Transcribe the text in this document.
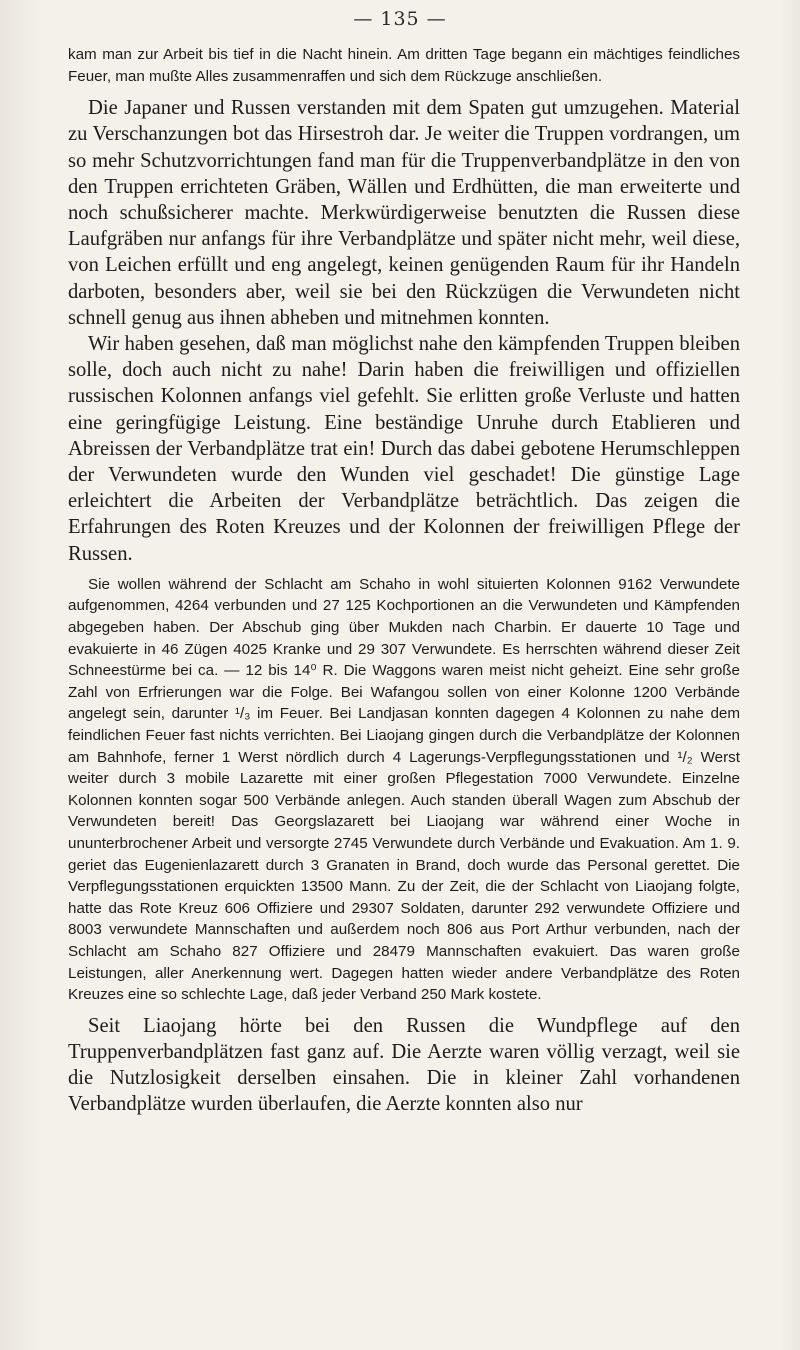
— 135 —

kam man zur Arbeit bis tief in die Nacht hinein. Am dritten Tage begann ein mächtiges feindliches Feuer, man mußte Alles zusammenraffen und sich dem Rückzuge anschließen.

Die Japaner und Russen verstanden mit dem Spaten gut umzugehen. Material zu Verschanzungen bot das Hirsestroh dar. Je weiter die Truppen vordrangen, um so mehr Schutzvorrichtungen fand man für die Truppenverbandplätze in den von den Truppen errichteten Gräben, Wällen und Erdhütten, die man erweiterte und noch schußsicherer machte. Merkwürdigerweise benutzten die Russen diese Laufgräben nur anfangs für ihre Verbandplätze und später nicht mehr, weil diese, von Leichen erfüllt und eng angelegt, keinen genügenden Raum für ihr Handeln darboten, besonders aber, weil sie bei den Rückzügen die Verwundeten nicht schnell genug aus ihnen abheben und mitnehmen konnten.

Wir haben gesehen, daß man möglichst nahe den kämpfenden Truppen bleiben solle, doch auch nicht zu nahe! Darin haben die freiwilligen und offiziellen russischen Kolonnen anfangs viel gefehlt. Sie erlitten große Verluste und hatten eine geringfügige Leistung. Eine beständige Unruhe durch Etablieren und Abreissen der Verbandplätze trat ein! Durch das dabei gebotene Herumschleppen der Verwundeten wurde den Wunden viel geschadet! Die günstige Lage erleichtert die Arbeiten der Verbandplätze beträchtlich. Das zeigen die Erfahrungen des Roten Kreuzes und der Kolonnen der freiwilligen Pflege der Russen.

Sie wollen während der Schlacht am Schaho in wohl situierten Kolonnen 9162 Verwundete aufgenommen, 4264 verbunden und 27 125 Kochportionen an die Verwundeten und Kämpfenden abgegeben haben. Der Abschub ging über Mukden nach Charbin. Er dauerte 10 Tage und evakuierte in 46 Zügen 4025 Kranke und 29 307 Verwundete. Es herrschten während dieser Zeit Schneestürme bei ca. — 12 bis 14⁰ R. Die Waggons waren meist nicht geheizt. Eine sehr große Zahl von Erfrierungen war die Folge. Bei Wafangou sollen von einer Kolonne 1200 Verbände angelegt sein, darunter ¹/₃ im Feuer. Bei Landjasan konnten dagegen 4 Kolonnen zu nahe dem feindlichen Feuer fast nichts verrichten. Bei Liaojang gingen durch die Verbandplätze der Kolonnen am Bahnhofe, ferner 1 Werst nördlich durch 4 Lagerungs-Verpflegungsstationen und ¹/₂ Werst weiter durch 3 mobile Lazarette mit einer großen Pflegestation 7000 Verwundete. Einzelne Kolonnen konnten sogar 500 Verbände anlegen. Auch standen überall Wagen zum Abschub der Verwundeten bereit! Das Georgslazarett bei Liaojang war während einer Woche in ununterbrochener Arbeit und versorgte 2745 Verwundete durch Verbände und Evakuation. Am 1. 9. geriet das Eugenienlazarett durch 3 Granaten in Brand, doch wurde das Personal gerettet. Die Verpflegungsstationen erquickten 13500 Mann. Zu der Zeit, die der Schlacht von Liaojang folgte, hatte das Rote Kreuz 606 Offiziere und 29307 Soldaten, darunter 292 verwundete Offiziere und 8003 verwundete Mannschaften und außerdem noch 806 aus Port Arthur verbunden, nach der Schlacht am Schaho 827 Offiziere und 28479 Mannschaften evakuiert. Das waren große Leistungen, aller Anerkennung wert. Dagegen hatten wieder andere Verbandplätze des Roten Kreuzes eine so schlechte Lage, daß jeder Verband 250 Mark kostete.

Seit Liaojang hörte bei den Russen die Wundpflege auf den Truppenverbandplätzen fast ganz auf. Die Aerzte waren völlig verzagt, weil sie die Nutzlosigkeit derselben einsahen. Die in kleiner Zahl vorhandenen Verbandplätze wurden überlaufen, die Aerzte konnten also nur
